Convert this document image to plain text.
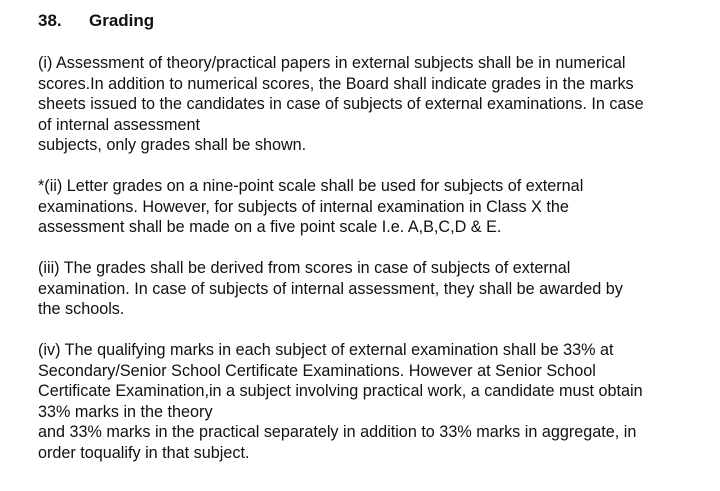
38. Grading
(i) Assessment of theory/practical papers in external subjects shall be in numerical
scores.In addition to numerical scores, the Board shall indicate grades in the marks
sheets issued to the candidates in case of subjects of external examinations. In case
of internal assessment
subjects, only grades shall be shown.
*(ii) Letter grades on a nine-point scale shall be used for subjects of external
examinations. However, for subjects of internal examination in Class X the
assessment shall be made on a five point scale I.e. A,B,C,D & E.
(iii) The grades shall be derived from scores in case of subjects of external
examination. In case of subjects of internal assessment, they shall be awarded by
the schools.
(iv) The qualifying marks in each subject of external examination shall be 33% at
Secondary/Senior School Certificate Examinations. However at Senior School
Certificate Examination,in a subject involving practical work, a candidate must obtain
33% marks in the theory
and 33% marks in the practical separately in addition to 33% marks in aggregate, in
order toqualify in that subject.
